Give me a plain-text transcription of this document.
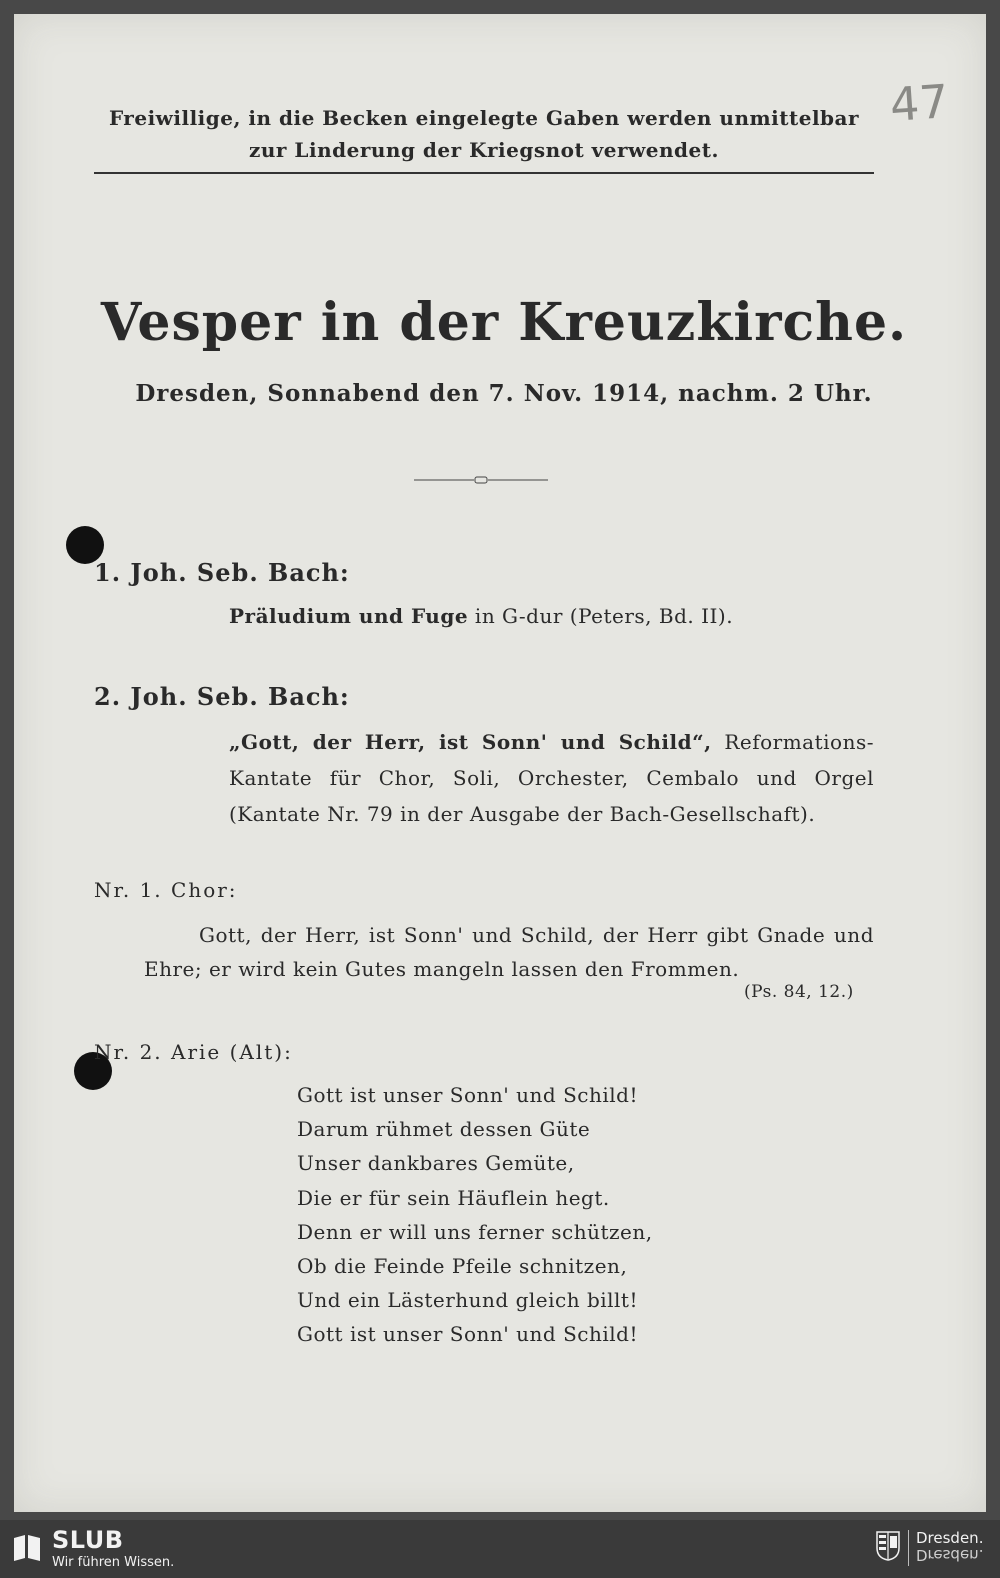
Freiwillige, in die Becken eingelegte Gaben werden unmittelbar
zur Linderung der Kriegsnot verwendet.
47
Vesper in der Kreuzkirche.
Dresden, Sonnabend den 7. Nov. 1914, nachm. 2 Uhr.
1. Joh. Seb. Bach:
Präludium und Fuge in G-dur (Peters, Bd. II).
2. Joh. Seb. Bach:
„Gott, der Herr, ist Sonn' und Schild“, Reformations-Kantate für Chor, Soli, Orchester, Cembalo und Orgel (Kantate Nr. 79 in der Ausgabe der Bach-Gesellschaft).
Nr. 1. Chor:
Gott, der Herr, ist Sonn' und Schild, der Herr gibt Gnade und Ehre; er wird kein Gutes mangeln lassen den Frommen.
(Ps. 84, 12.)
Nr. 2. Arie (Alt):
Gott ist unser Sonn' und Schild!
Darum rühmet dessen Güte
Unser dankbares Gemüte,
Die er für sein Häuflein hegt.
Denn er will uns ferner schützen,
Ob die Feinde Pfeile schnitzen,
Und ein Lästerhund gleich billt!
Gott ist unser Sonn' und Schild!
SLUB
Wir führen Wissen.
Dresden.
Dresden.
